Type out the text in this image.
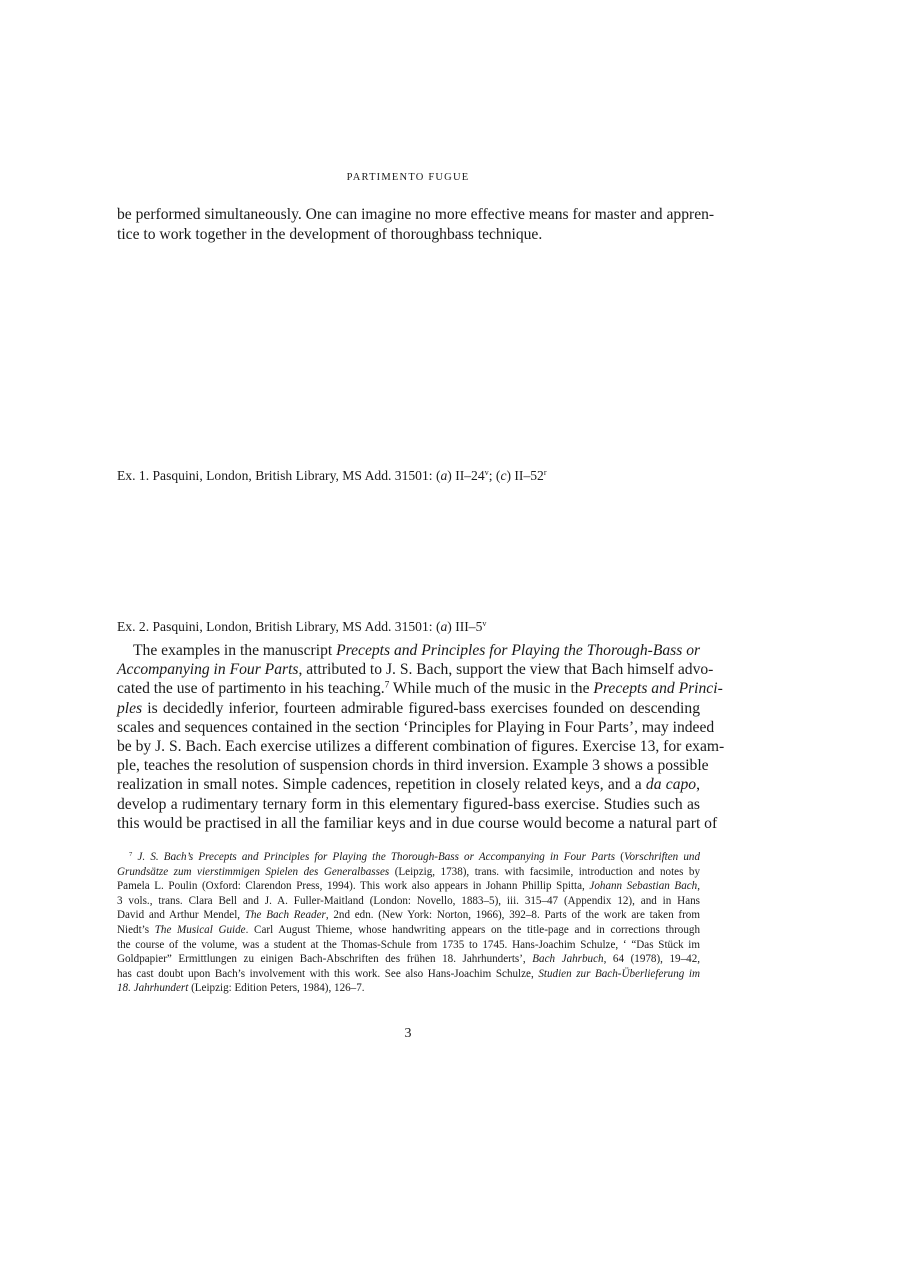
PARTIMENTO FUGUE
be performed simultaneously. One can imagine no more effective means for master and appren-
tice to work together in the development of thoroughbass technique.
Ex. 1. Pasquini, London, British Library, MS Add. 31501: (a) II–24$^v$; (c) II–52$^r$
Ex. 2. Pasquini, London, British Library, MS Add. 31501: (a) III–5$^v$
The examples in the manuscript Precepts and Principles for Playing the Thorough-Bass or
Accompanying in Four Parts, attributed to J. S. Bach, support the view that Bach himself advo-
cated the use of partimento in his teaching.$^7$ While much of the music in the Precepts and Princi-
ples is decidedly inferior, fourteen admirable figured-bass exercises founded on descending
scales and sequences contained in the section ‘Principles for Playing in Four Parts’, may indeed
be by J. S. Bach. Each exercise utilizes a different combination of figures. Exercise 13, for exam-
ple, teaches the resolution of suspension chords in third inversion. Example 3 shows a possible
realization in small notes. Simple cadences, repetition in closely related keys, and a da capo,
develop a rudimentary ternary form in this elementary figured-bass exercise. Studies such as
this would be practised in all the familiar keys and in due course would become a natural part of
$^7$ J. S. Bach’s Precepts and Principles for Playing the Thorough-Bass or Accompanying in Four Parts (Vorschriften und
Grundsätze zum vierstimmigen Spielen des Generalbasses (Leipzig, 1738), trans. with facsimile, introduction and notes by
Pamela L. Poulin (Oxford: Clarendon Press, 1994). This work also appears in Johann Phillip Spitta, Johann Sebastian Bach,
3 vols., trans. Clara Bell and J. A. Fuller-Maitland (London: Novello, 1883–5), iii. 315–47 (Appendix 12), and in Hans
David and Arthur Mendel, The Bach Reader, 2nd edn. (New York: Norton, 1966), 392–8. Parts of the work are taken from
Niedt’s The Musical Guide. Carl August Thieme, whose handwriting appears on the title-page and in corrections through
the course of the volume, was a student at the Thomas-Schule from 1735 to 1745. Hans-Joachim Schulze, ‘ “Das Stück im
Goldpapier” Ermittlungen zu einigen Bach-Abschriften des frühen 18. Jahrhunderts’, Bach Jahrbuch, 64 (1978), 19–42,
has cast doubt upon Bach’s involvement with this work. See also Hans-Joachim Schulze, Studien zur Bach-Überlieferung im
18. Jahrhundert (Leipzig: Edition Peters, 1984), 126–7.
3
